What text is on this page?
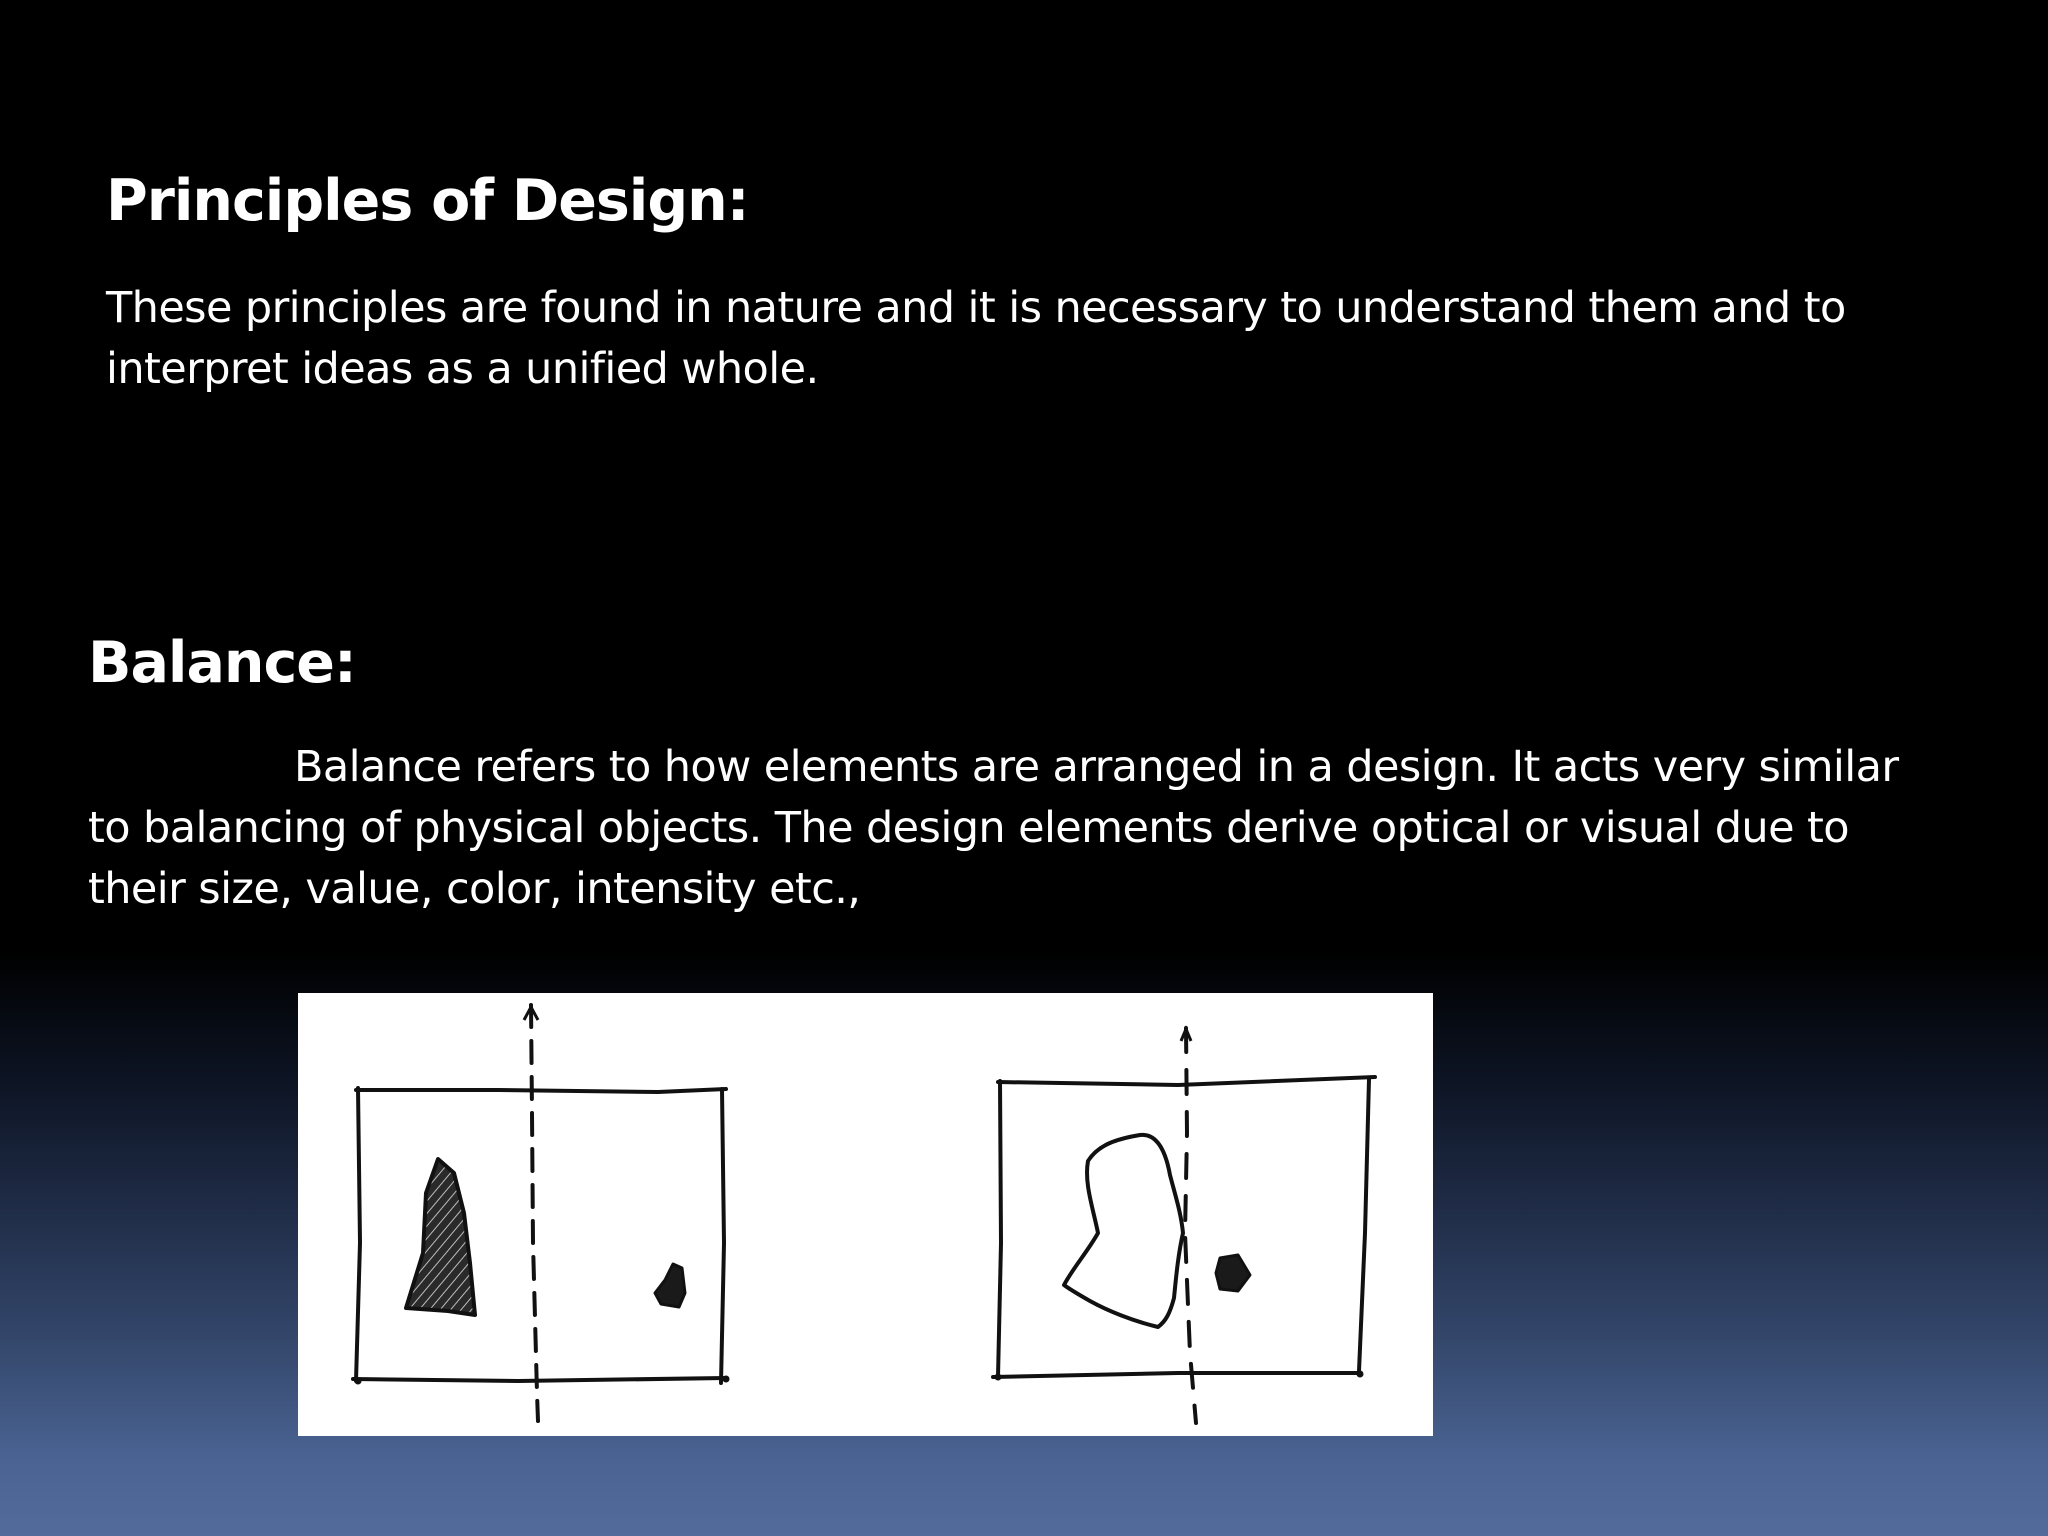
Principles of Design:

These principles are found in nature and it is necessary to understand them and to interpret ideas as a unified whole.

Balance:

Balance refers to how elements are arranged in a design. It acts very similar to balancing of physical objects. The design elements derive optical or visual due to their size, value, color, intensity etc.,
